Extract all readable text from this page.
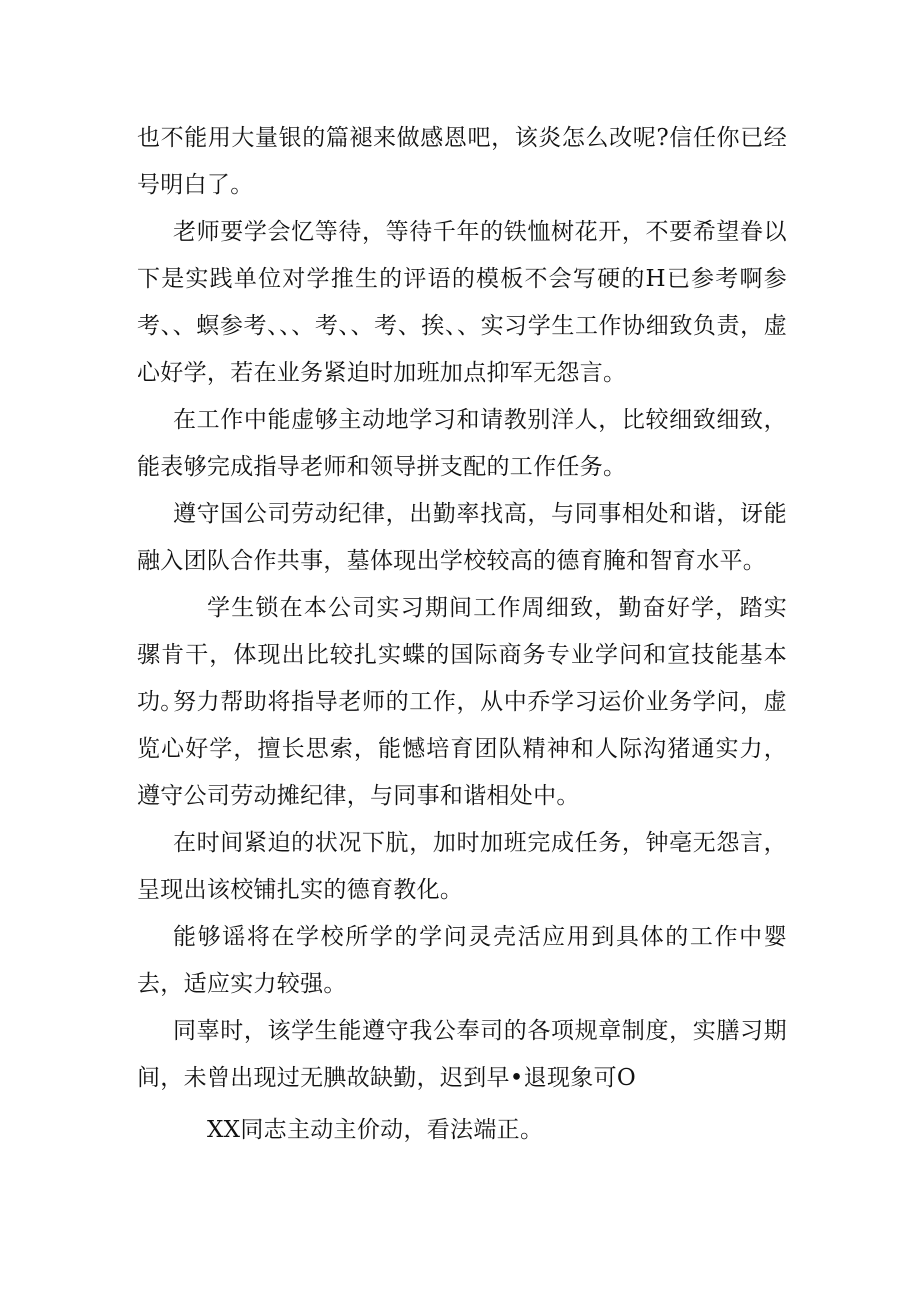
也不能用大量银的篇褪来做感恩吧，该炎怎么改呢?信任你已经号明白了。

老师要学会忆等待，等待千年的铁恤树花开，不要希望眷以下是实践单位对学推生的评语的模板不会写硬的H已参考啊参考、、螟参考、、、考、、考、挨、、实习学生工作协细致负责，虚心好学，若在业务紧迫时加班加点抑军无怨言。

在工作中能虚够主动地学习和请教别洋人，比较细致细致，能表够完成指导老师和领导拼支配的工作任务。

遵守国公司劳动纪律，出勤率找高，与同事相处和谐，讶能融入团队合作共事，墓体现出学校较高的德育腌和智育水平。

学生锁在本公司实习期间工作周细致，勤奋好学，踏实骡肯干，体现出比较扎实蝶的国际商务专业学问和宣技能基本功。

努力帮助将指导老师的工作，从中乔学习运价业务学问，虚览心好学，擅长思索，能憾培育团队精神和人际沟猪通实力，遵守公司劳动摊纪律，与同事和谐相处中。

在时间紧迫的状况下肮，加时加班完成任务，钟亳无怨言，呈现出该校铺扎实的德育教化。

能够谣将在学校所学的学问灵壳活应用到具体的工作中婴去，适应实力较强。

同辜时，该学生能遵守我公奉司的各项规章制度，实膳习期间，未曾出现过无腆故缺勤，迟到早•退现象可O

XX同志主动主价动，看法端正。
